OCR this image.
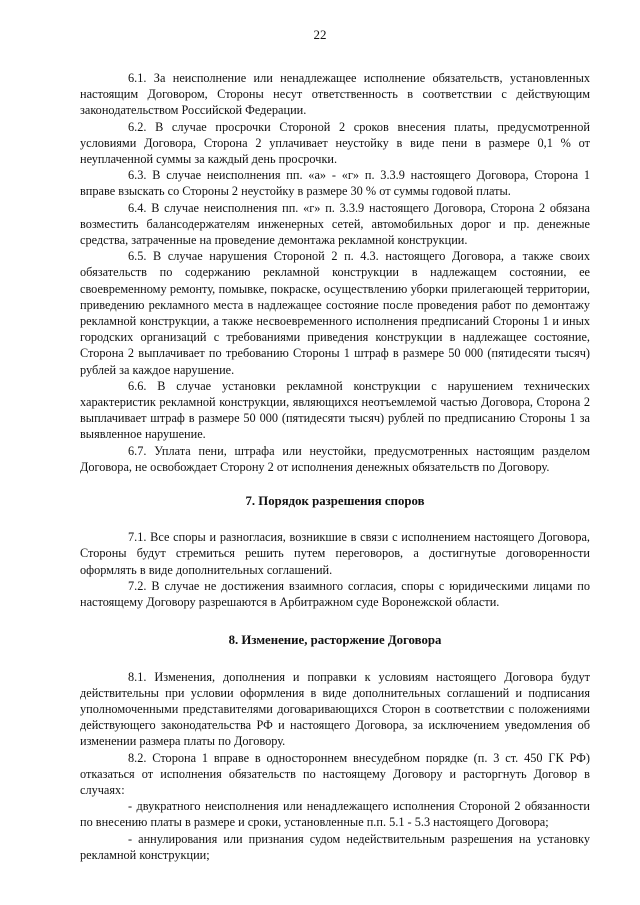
22

6.1. За неисполнение или ненадлежащее исполнение обязательств, установленных настоящим Договором, Стороны несут ответственность в соответствии с действующим законодательством Российской Федерации.

6.2. В случае просрочки Стороной 2 сроков внесения платы, предусмотренной условиями Договора, Сторона 2 уплачивает неустойку в виде пени в размере 0,1 % от неуплаченной суммы за каждый день просрочки.

6.3. В случае неисполнения пп. «а» - «г» п. 3.3.9 настоящего Договора, Сторона 1 вправе взыскать со Стороны 2 неустойку в размере 30 % от суммы годовой платы.

6.4. В случае неисполнения пп. «г» п. 3.3.9 настоящего Договора, Сторона 2 обязана возместить балансодержателям инженерных сетей, автомобильных дорог и пр. денежные средства, затраченные на проведение демонтажа рекламной конструкции.

6.5. В случае нарушения Стороной 2 п. 4.3. настоящего Договора, а также своих обязательств по содержанию рекламной конструкции в надлежащем состоянии, ее своевременному ремонту, помывке, покраске, осуществлению уборки прилегающей территории, приведению рекламного места в надлежащее состояние после проведения работ по демонтажу рекламной конструкции, а также несвоевременного исполнения предписаний Стороны 1 и иных городских организаций с требованиями приведения конструкции в надлежащее состояние, Сторона 2 выплачивает по требованию Стороны 1 штраф в размере 50 000 (пятидесяти тысяч) рублей за каждое нарушение.

6.6. В случае установки рекламной конструкции с нарушением технических характеристик рекламной конструкции, являющихся неотъемлемой частью Договора, Сторона 2 выплачивает штраф в размере 50 000 (пятидесяти тысяч) рублей по предписанию Стороны 1 за выявленное нарушение.

6.7. Уплата пени, штрафа или неустойки, предусмотренных настоящим разделом Договора, не освобождает Сторону 2 от исполнения денежных обязательств по Договору.

7. Порядок разрешения споров

7.1. Все споры и разногласия, возникшие в связи с исполнением настоящего Договора, Стороны будут стремиться решить путем переговоров, а достигнутые договоренности оформлять в виде дополнительных соглашений.

7.2. В случае не достижения взаимного согласия, споры с юридическими лицами по настоящему Договору разрешаются в Арбитражном суде Воронежской области.

8. Изменение, расторжение Договора

8.1. Изменения, дополнения и поправки к условиям настоящего Договора будут действительны при условии оформления в виде дополнительных соглашений и подписания уполномоченными представителями договаривающихся Сторон в соответствии с положениями действующего законодательства РФ и настоящего Договора, за исключением уведомления об изменении размера платы по Договору.

8.2. Сторона 1 вправе в одностороннем внесудебном порядке (п. 3 ст. 450 ГК РФ) отказаться от исполнения обязательств по настоящему Договору и расторгнуть Договор в случаях:

- двукратного неисполнения или ненадлежащего исполнения Стороной 2 обязанности по внесению платы в размере и сроки, установленные п.п. 5.1 - 5.3 настоящего Договора;

- аннулирования или признания судом недействительным разрешения на установку рекламной конструкции;
